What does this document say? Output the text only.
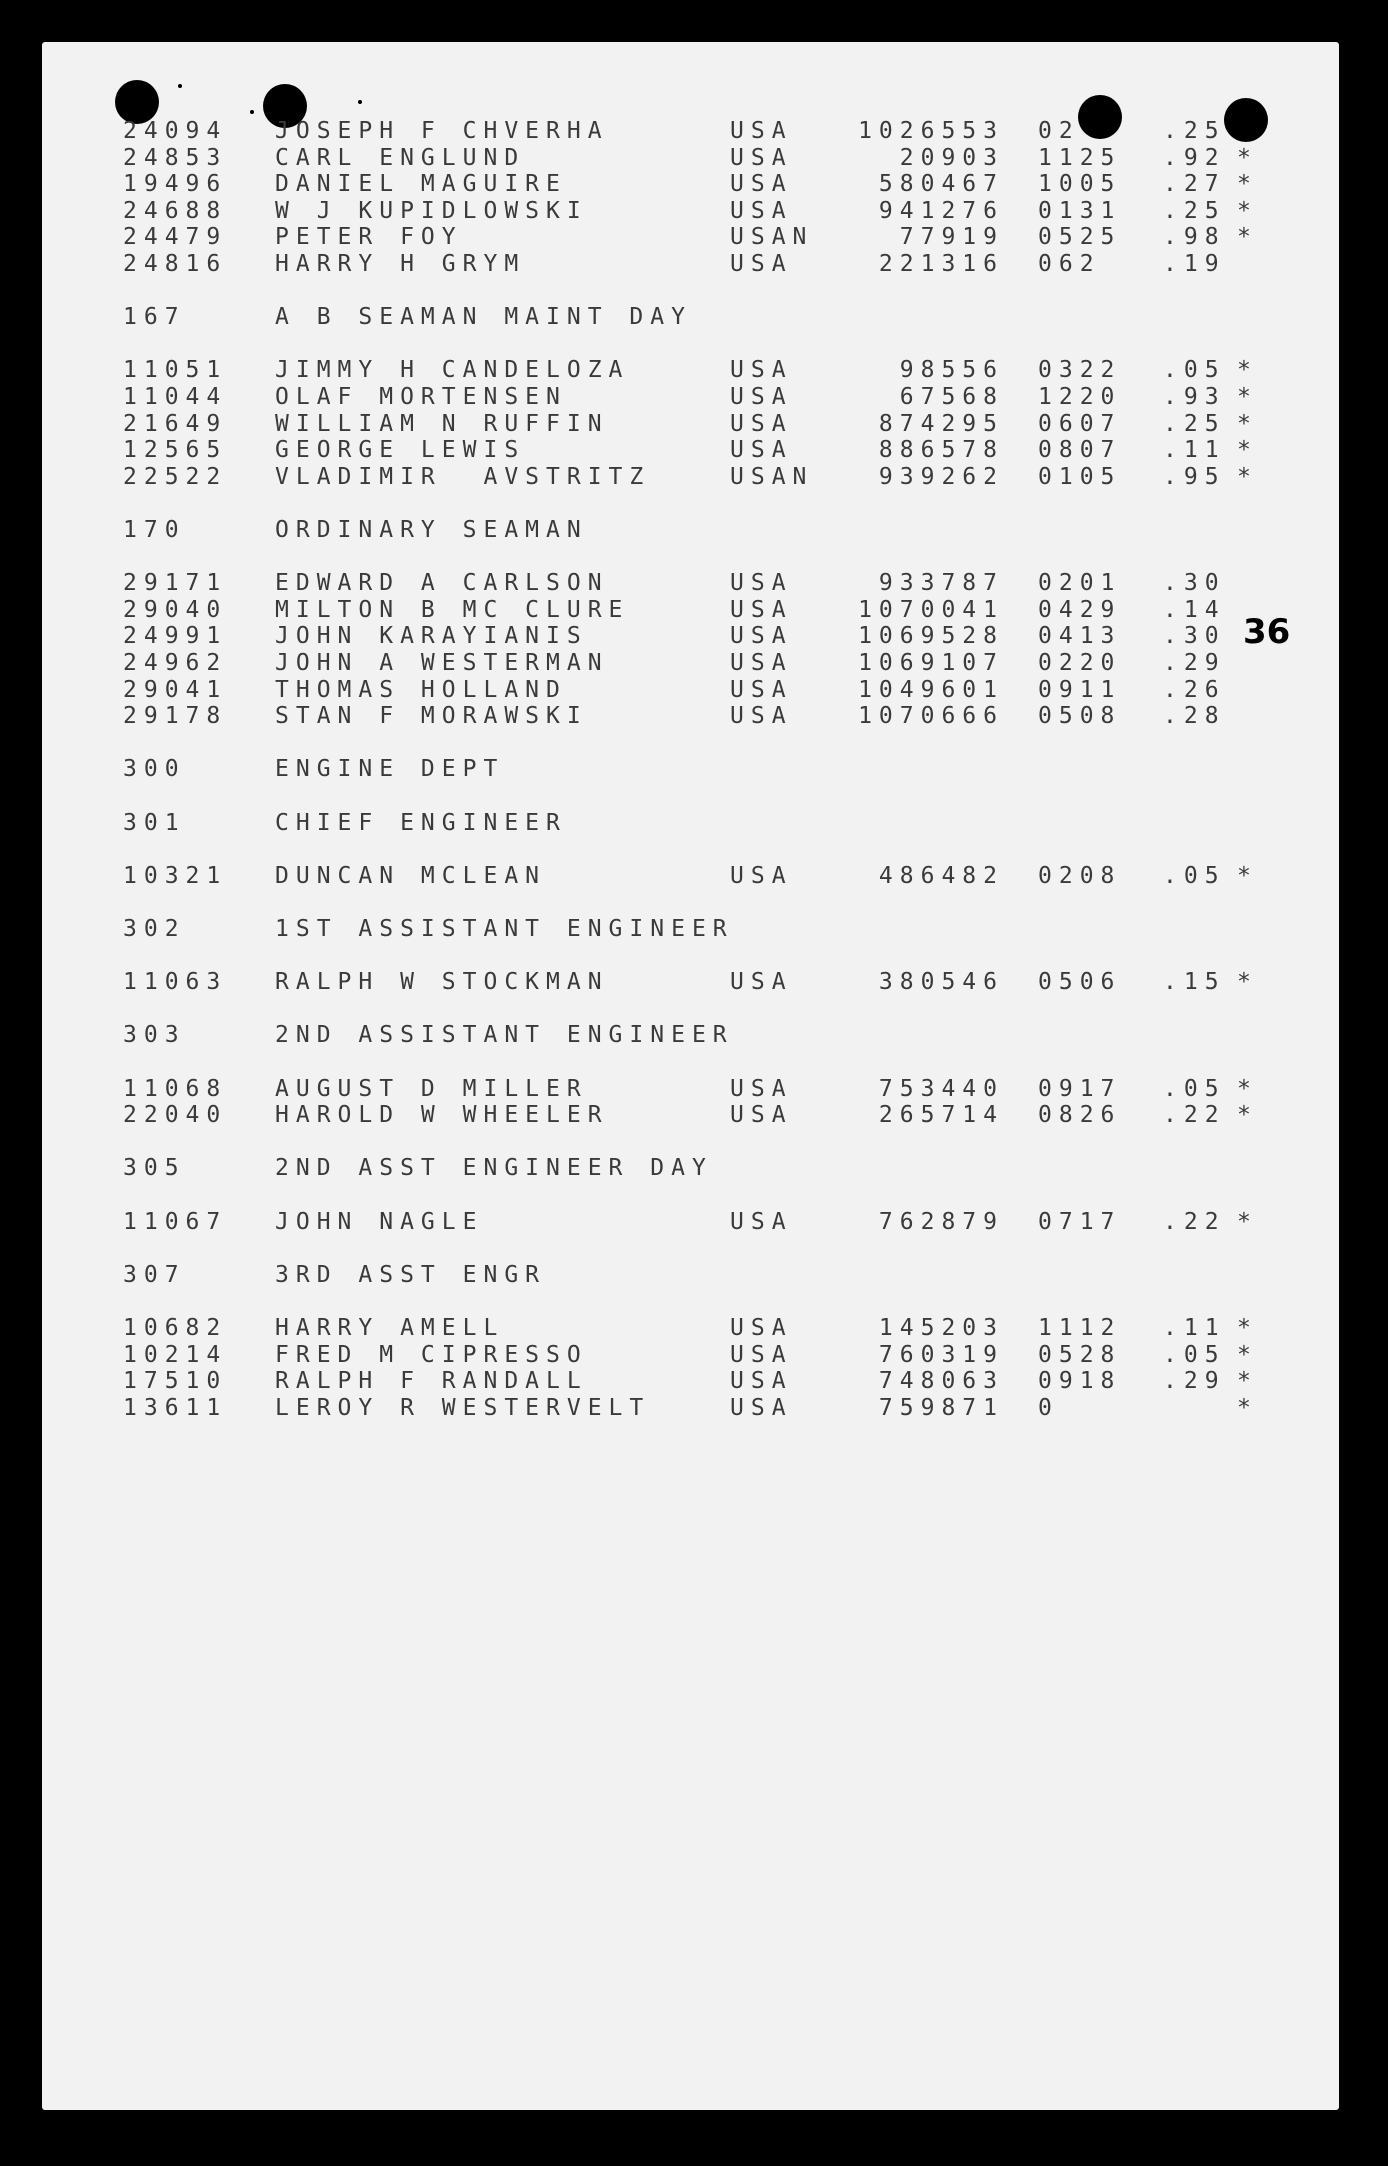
36
24094 JOSEPH F CHVERHA	USA	1026553 02	.25
24853 CARL ENGLUND	USA	20903 1125 .92 *
19496 DANIEL MAGUIRE	USA	580467 1005 .27 *
24688 W J KUPIDLOWSKI	USA	941276 0131 .25 *
24479 PETER FOY	USAN	77919 0525 .98 *
24816 HARRY H GRYM	USA	221316 062	.19
167	A B SEAMAN MAINT DAY
11051 JIMMY H CANDELOZA	USA	98556 0322 .05 *
11044 OLAF MORTENSEN	USA	67568 1220 .93 *
21649 WILLIAM N RUFFIN	USA	874295 0607 .25 *
12565 GEORGE LEWIS	USA	886578 0807 .11 *
22522 VLADIMIR  AVSTRITZ	USAN	939262 0105 .95 *
170	ORDINARY SEAMAN
29171 EDWARD A CARLSON	USA	933787 0201 .30
29040 MILTON B MC CLURE	USA	1070041 0429 .14
24991 JOHN KARAYIANIS	USA	1069528 0413 .30
24962 JOHN A WESTERMAN	USA	1069107 0220 .29
29041 THOMAS HOLLAND	USA	1049601 0911 .26
29178 STAN F MORAWSKI	USA	1070666 0508 .28
300	ENGINE DEPT
301	CHIEF ENGINEER
10321 DUNCAN MCLEAN	USA	486482 0208 .05 *
302	1ST ASSISTANT ENGINEER
11063 RALPH W STOCKMAN	USA	380546 0506 .15 *
303	2ND ASSISTANT ENGINEER
11068 AUGUST D MILLER	USA	753440 0917 .05 *
22040 HAROLD W WHEELER	USA	265714 0826 .22 *
305	2ND ASST ENGINEER DAY
11067 JOHN NAGLE	USA	762879 0717 .22 *
307	3RD ASST ENGR
10682 HARRY AMELL	USA	145203 1112 .11 *
10214 FRED M CIPRESSO	USA	760319 0528 .05 *
17510 RALPH F RANDALL	USA	748063 0918 .29 *
13611 LEROY R WESTERVELT	USA	759871 0	*
